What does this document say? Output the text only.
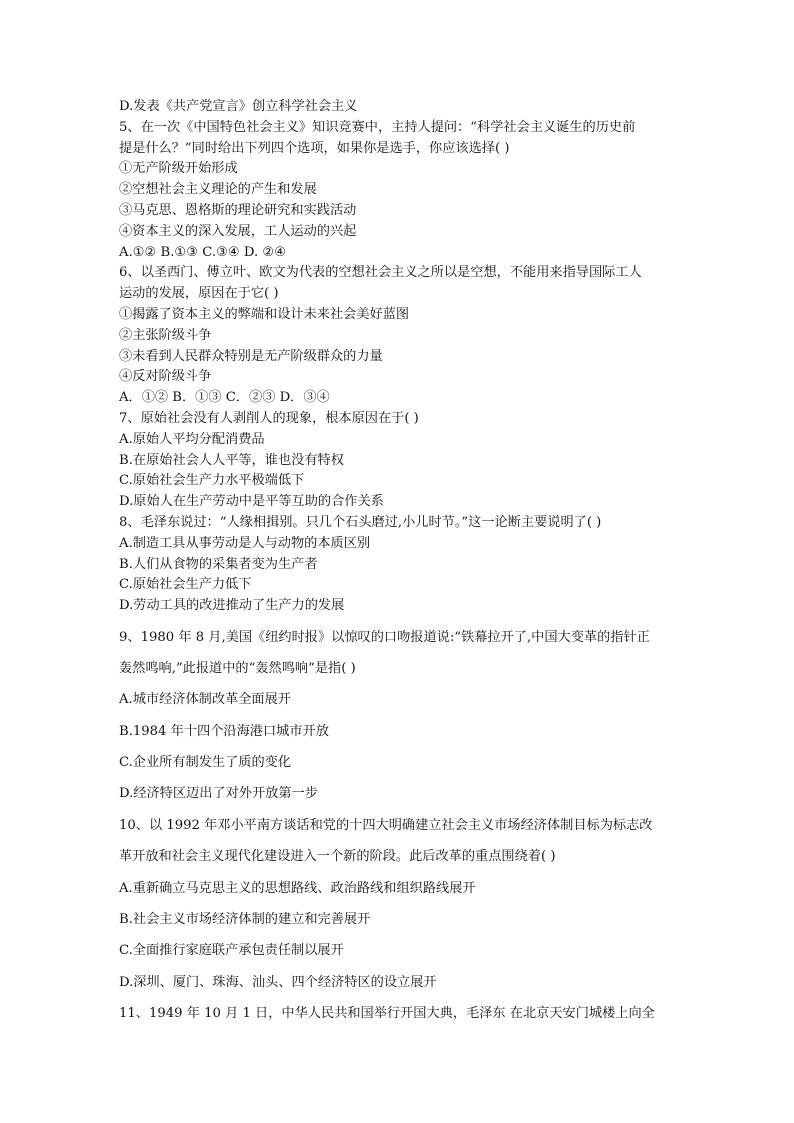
D.发表《共产党宣言》创立科学社会主义
5、在一次《中国特色社会主义》知识竞赛中，主持人提问：“科学社会主义诞生的历史前
提是什么？”同时给出下列四个选项，如果你是选手，你应该选择( )
①无产阶级开始形成
②空想社会主义理论的产生和发展
③马克思、恩格斯的理论研究和实践活动
④资本主义的深入发展，工人运动的兴起
A.①② B.①③ C.③④ D. ②④
6、以圣西门、傅立叶、欧文为代表的空想社会主义之所以是空想，不能用来指导国际工人
运动的发展，原因在于它( )
①揭露了资本主义的弊端和设计未来社会美好蓝图
②主张阶级斗争
③未看到人民群众特别是无产阶级群众的力量
④反对阶级斗争
A．①② B．①③ C．②③ D．③④
7、原始社会没有人剥削人的现象，根本原因在于( )
A.原始人平均分配消费品
B.在原始社会人人平等，谁也没有特权
C.原始社会生产力水平极端低下
D.原始人在生产劳动中是平等互助的合作关系
8、毛泽东说过：“人缘相揖别。只几个石头磨过,小儿时节。”这一论断主要说明了( )
A.制造工具从事劳动是人与动物的本质区别
B.人们从食物的采集者变为生产者
C.原始社会生产力低下
D.劳动工具的改进推动了生产力的发展
9、1980 年 8 月,美国《纽约时报》以惊叹的口吻报道说:“铁幕拉开了,中国大变革的指针正
轰然鸣响,”此报道中的“轰然鸣响”是指( )
A.城市经济体制改革全面展开
B.1984 年十四个沿海港口城市开放
C.企业所有制发生了质的变化
D.经济特区迈出了对外开放第一步
10、以 1992 年邓小平南方谈话和党的十四大明确建立社会主义市场经济体制目标为标志改
革开放和社会主义现代化建设进入一个新的阶段。此后改革的重点围绕着( )
A.重新确立马克思主义的思想路线、政治路线和组织路线展开
B.社会主义市场经济体制的建立和完善展开
C.全面推行家庭联产承包责任制以展开
D.深圳、厦门、珠海、汕头、四个经济特区的设立展开
11、1949 年 10 月 1 日，中华人民共和国举行开国大典，毛泽东 在北京天安门城楼上向全
